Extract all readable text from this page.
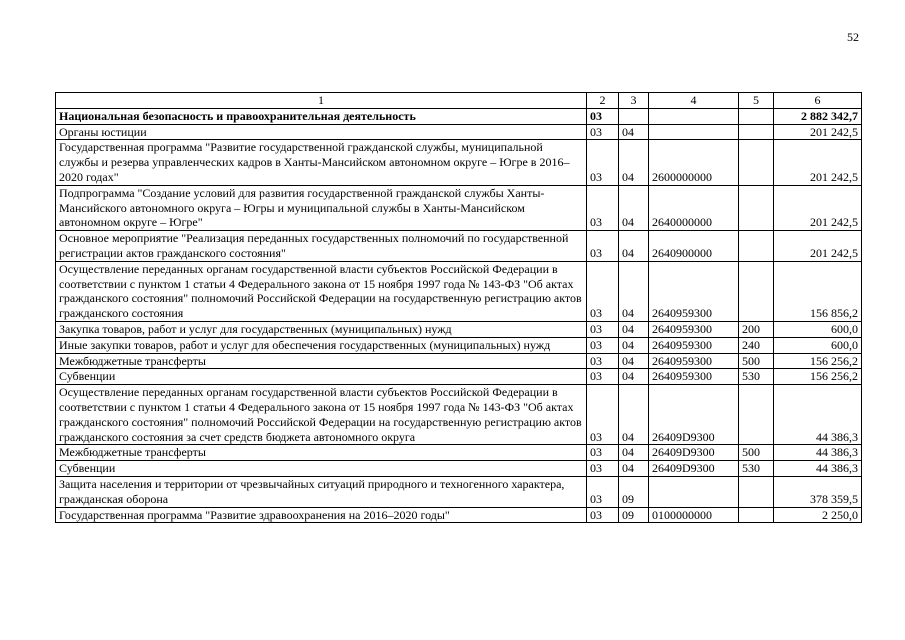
52
1	2	3	4	5	6
Национальная безопасность и правоохранительная деятельность	03				2 882 342,7
Органы юстиции	03	04			201 242,5
Государственная программа "Развитие государственной гражданской службы, муниципальной службы и резерва управленческих кадров в Ханты-Мансийском автономном округе – Югре в 2016–2020 годах"	03	04	2600000000		201 242,5
Подпрограмма "Создание условий для развития государственной гражданской службы Ханты-Мансийского автономного округа – Югры и муниципальной службы в Ханты-Мансийском автономном округе – Югре"	03	04	2640000000		201 242,5
Основное мероприятие "Реализация переданных государственных полномочий по государственной регистрации актов гражданского состояния"	03	04	2640900000		201 242,5
Осуществление переданных органам государственной власти субъектов Российской Федерации в соответствии с пунктом 1 статьи 4 Федерального закона от 15 ноября 1997 года № 143-ФЗ "Об актах гражданского состояния" полномочий Российской Федерации на государственную регистрацию актов гражданского состояния	03	04	2640959300		156 856,2
Закупка товаров, работ и услуг для государственных (муниципальных) нужд	03	04	2640959300	200	600,0
Иные закупки товаров, работ и услуг для обеспечения государственных (муниципальных) нужд	03	04	2640959300	240	600,0
Межбюджетные трансферты	03	04	2640959300	500	156 256,2
Субвенции	03	04	2640959300	530	156 256,2
Осуществление переданных органам государственной власти субъектов Российской Федерации в соответствии с пунктом 1 статьи 4 Федерального закона от 15 ноября 1997 года № 143-ФЗ "Об актах гражданского состояния" полномочий Российской Федерации на государственную регистрацию актов гражданского состояния за счет средств бюджета автономного округа	03	04	26409D9300		44 386,3
Межбюджетные трансферты	03	04	26409D9300	500	44 386,3
Субвенции	03	04	26409D9300	530	44 386,3
Защита населения и территории от чрезвычайных ситуаций природного и техногенного характера, гражданская оборона	03	09			378 359,5
Государственная программа "Развитие здравоохранения на 2016–2020 годы"	03	09	0100000000		2 250,0
